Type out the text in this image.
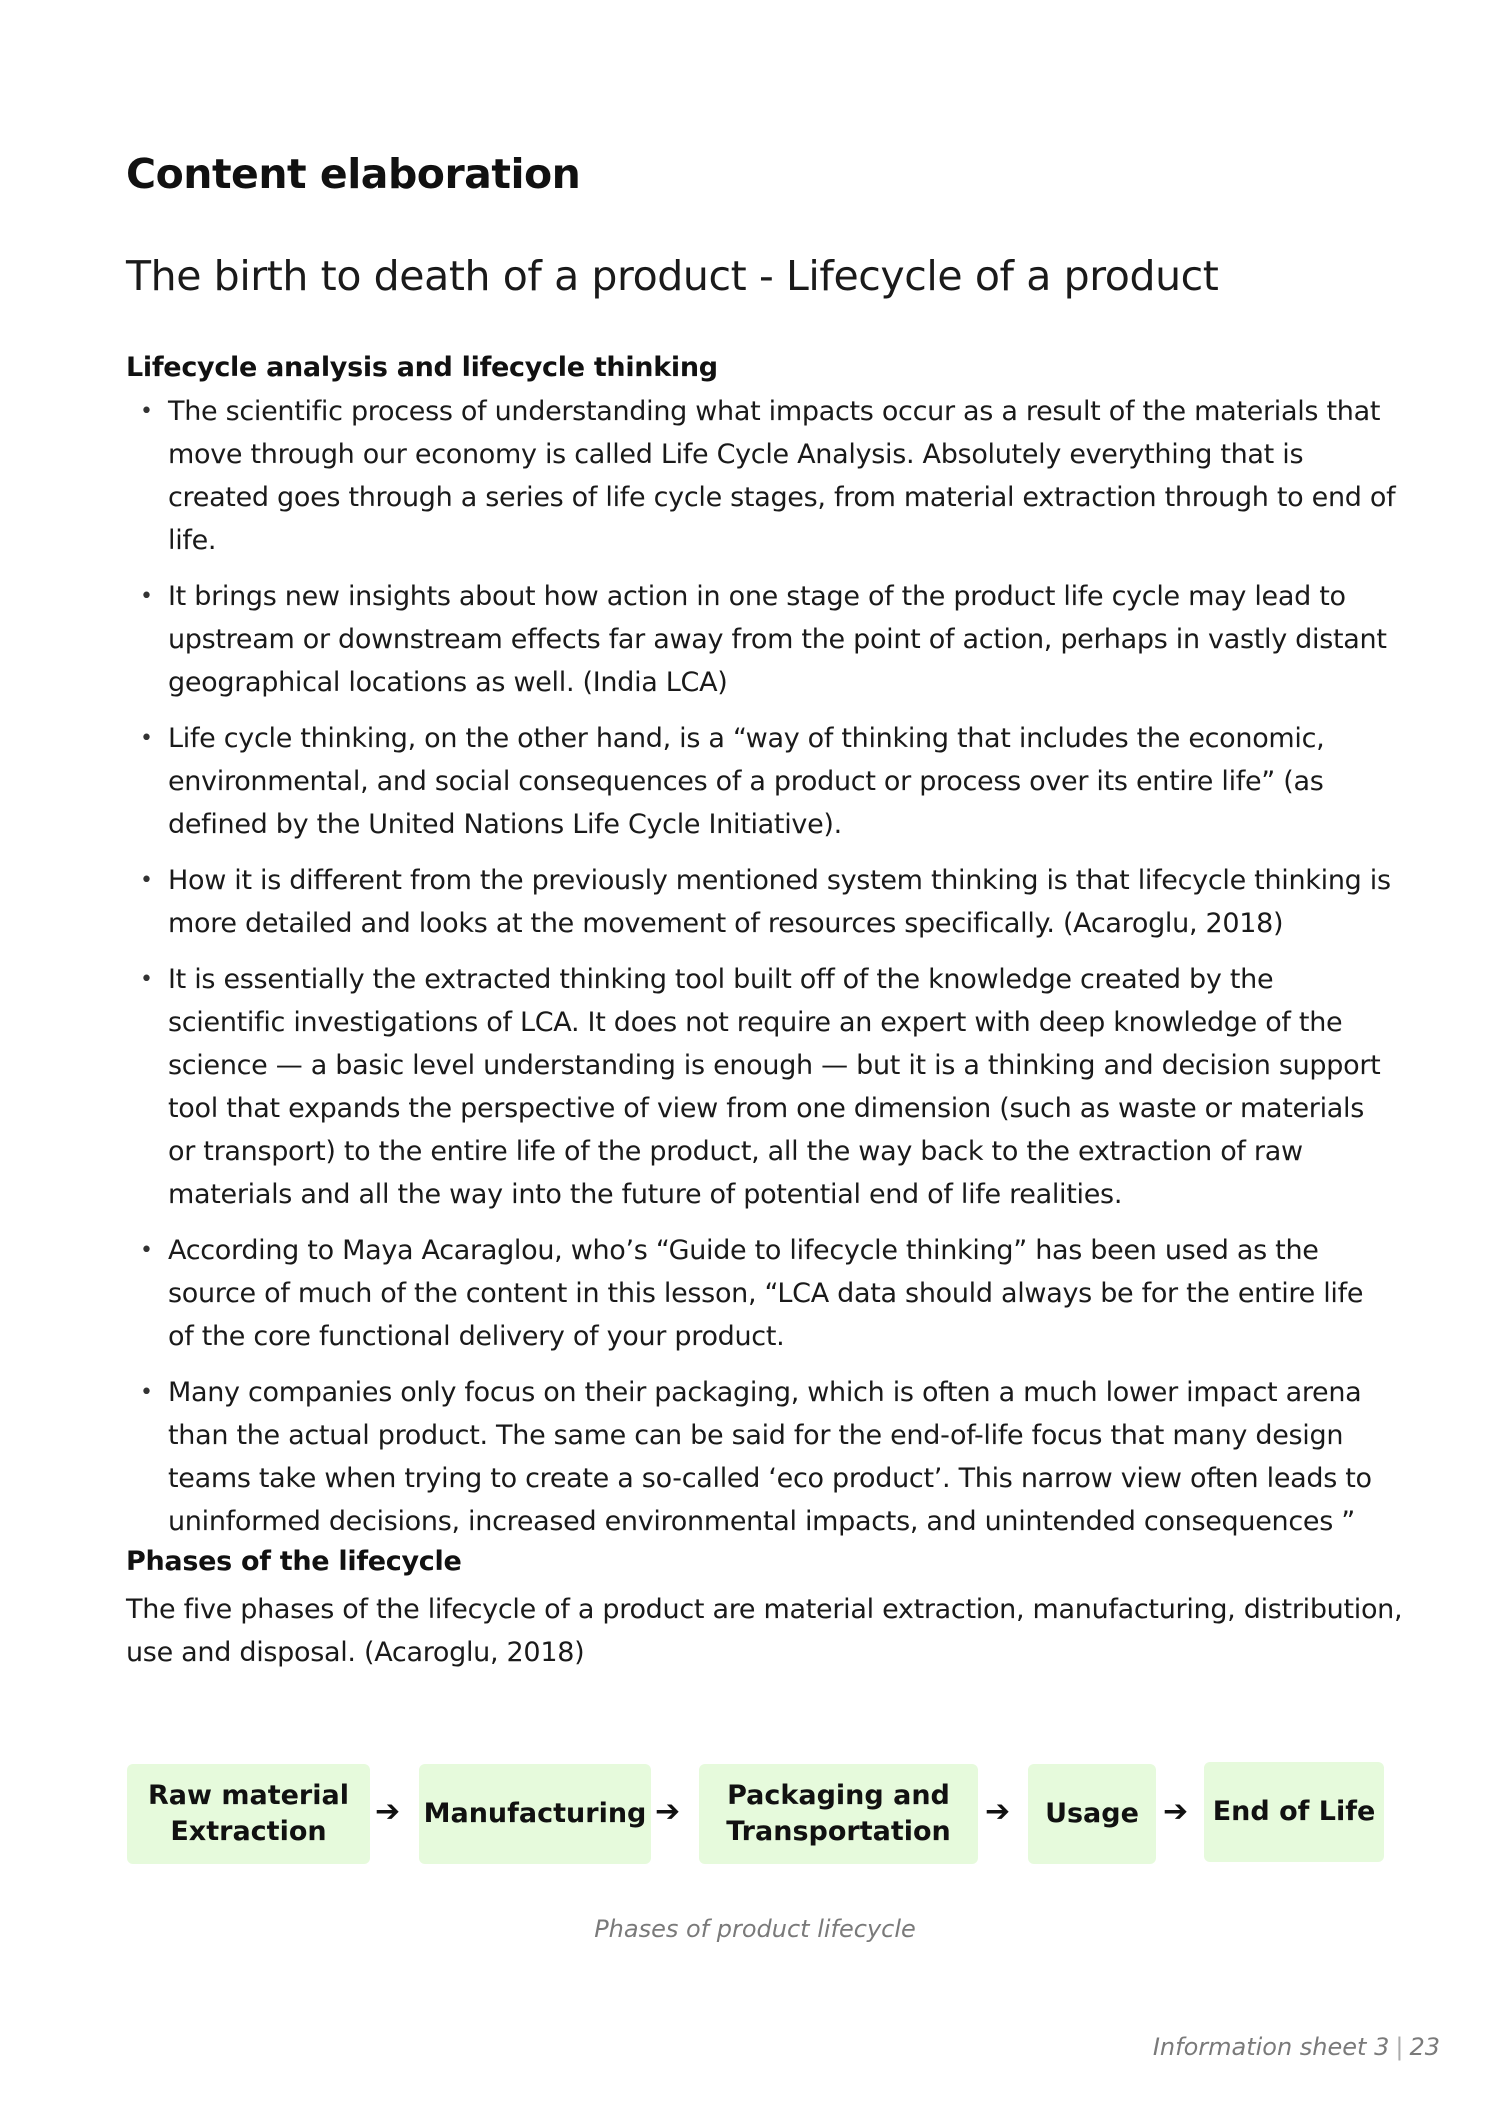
Content elaboration
The birth to death of a product - Lifecycle of a product
Lifecycle analysis and lifecycle thinking
• The scientific process of understanding what impacts occur as a result of the materials that move through our economy is called Life Cycle Analysis. Absolutely everything that is created goes through a series of life cycle stages, from material extraction through to end of life.
• It brings new insights about how action in one stage of the product life cycle may lead to upstream or downstream effects far away from the point of action, perhaps in vastly distant geographical locations as well. (India LCA)
• Life cycle thinking, on the other hand, is a “way of thinking that includes the economic, environmental, and social consequences of a product or process over its entire life” (as defined by the United Nations Life Cycle Initiative).
• How it is different from the previously mentioned system thinking is that lifecycle thinking is more detailed and looks at the movement of resources specifically. (Acaroglu, 2018)
• It is essentially the extracted thinking tool built off of the knowledge created by the scientific investigations of LCA. It does not require an expert with deep knowledge of the science — a basic level understanding is enough — but it is a thinking and decision support tool that expands the perspective of view from one dimension (such as waste or materials or transport) to the entire life of the product, all the way back to the extraction of raw materials and all the way into the future of potential end of life realities.
• According to Maya Acaraglou, who’s “Guide to lifecycle thinking” has been used as the source of much of the content in this lesson, “LCA data should always be for the entire life of the core functional delivery of your product.
• Many companies only focus on their packaging, which is often a much lower impact arena than the actual product. The same can be said for the end-of-life focus that many design teams take when trying to create a so-called ‘eco product’. This narrow view often leads to uninformed decisions, increased environmental impacts, and unintended consequences ”
Phases of the lifecycle

The five phases of the lifecycle of a product are material extraction, manufacturing, distribution, use and disposal. (Acaroglu, 2018)

Raw material
Extraction
➔ Manufacturing ➔ Packaging and
Transportation
➔ Usage ➔ End of Life

Phases of product lifecycle

Information sheet 3 | 23
